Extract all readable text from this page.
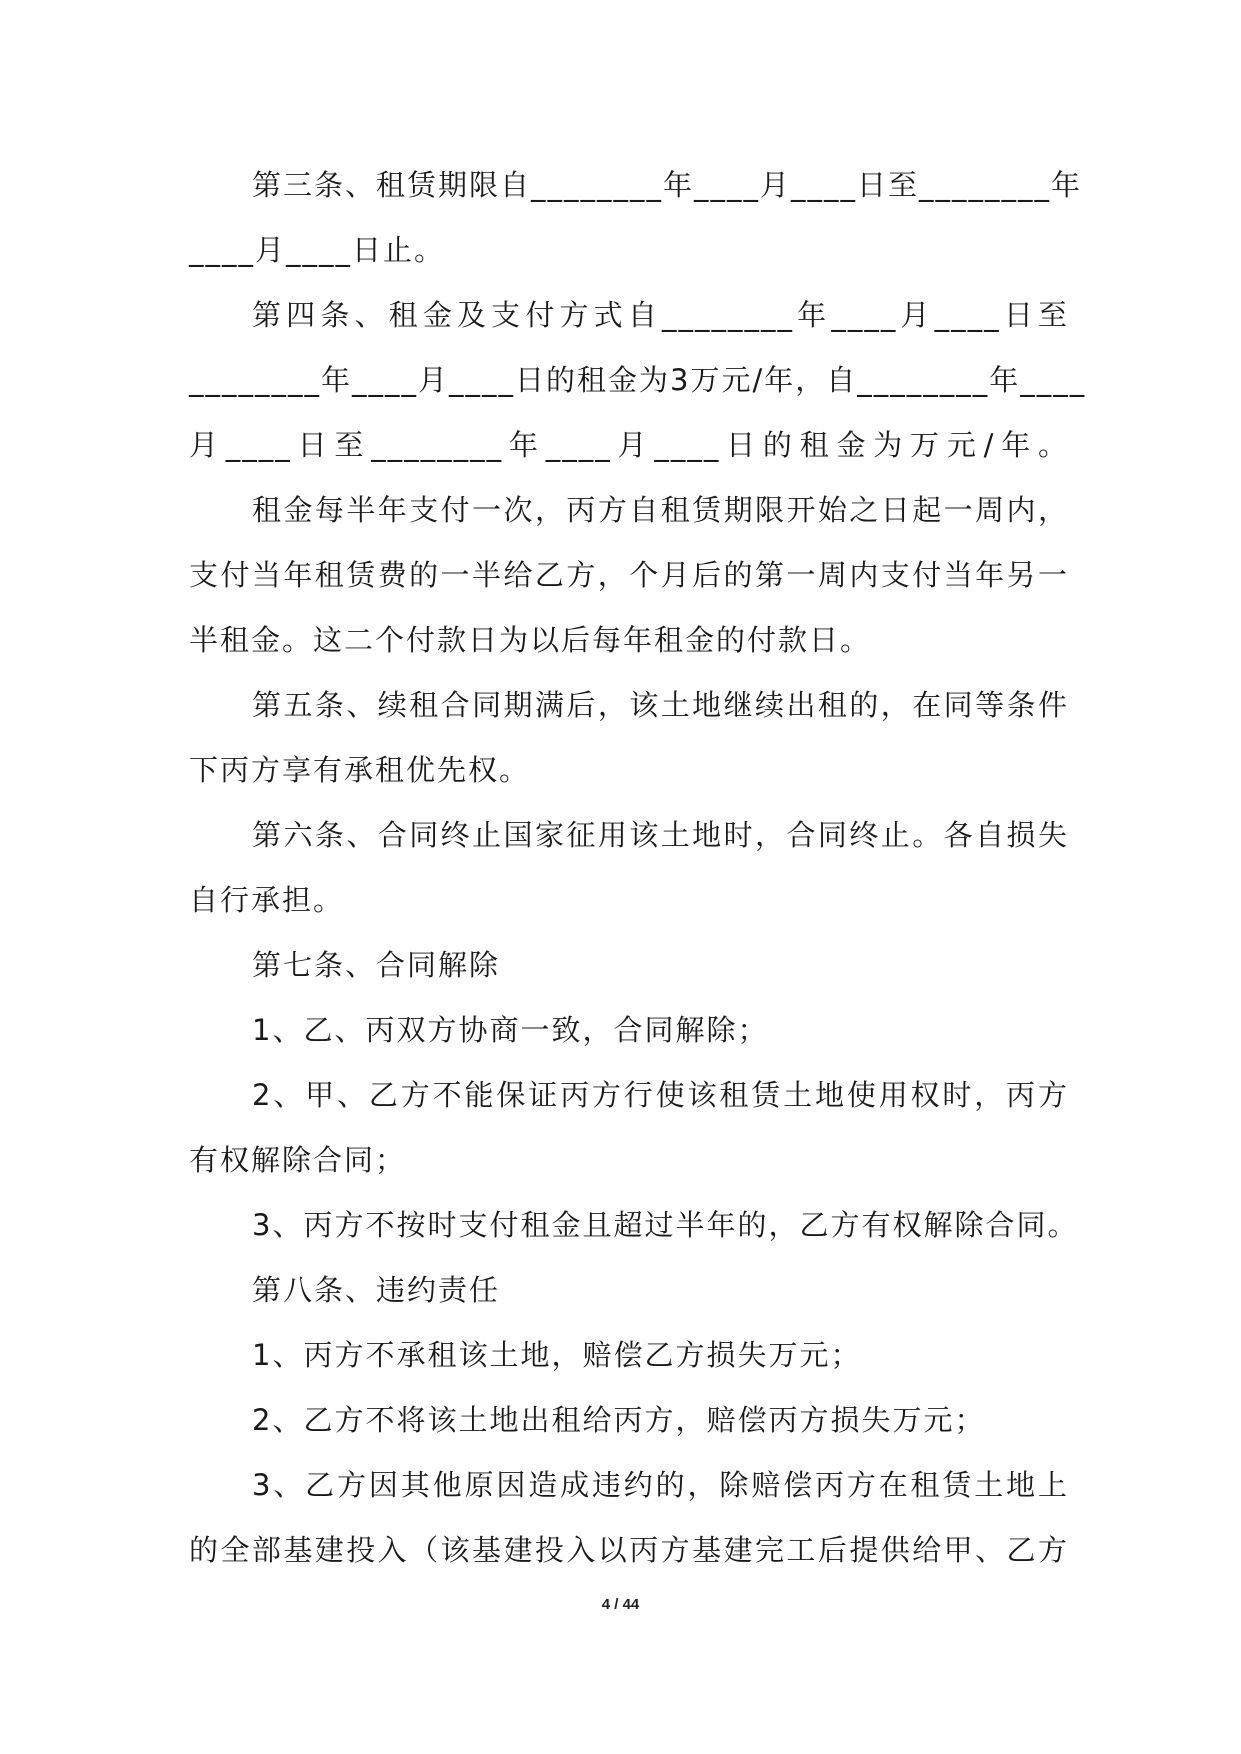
第三条、租赁期限自________年____月____日至________年
____月____日止。
第四条、租金及支付方式自________年____月____日至
________年____月____日的租金为3万元/年，自________年____
月____日至________年____月____日的租金为万元/年。
租金每半年支付一次，丙方自租赁期限开始之日起一周内，
支付当年租赁费的一半给乙方，个月后的第一周内支付当年另一
半租金。这二个付款日为以后每年租金的付款日。
第五条、续租合同期满后，该土地继续出租的，在同等条件
下丙方享有承租优先权。
第六条、合同终止国家征用该土地时，合同终止。各自损失
自行承担。
第七条、合同解除
1、乙、丙双方协商一致，合同解除；
2、甲、乙方不能保证丙方行使该租赁土地使用权时，丙方
有权解除合同；
3、丙方不按时支付租金且超过半年的，乙方有权解除合同。
第八条、违约责任
1、丙方不承租该土地，赔偿乙方损失万元；
2、乙方不将该土地出租给丙方，赔偿丙方损失万元；
3、乙方因其他原因造成违约的，除赔偿丙方在租赁土地上
的全部基建投入（该基建投入以丙方基建完工后提供给甲、乙方
4 / 44
